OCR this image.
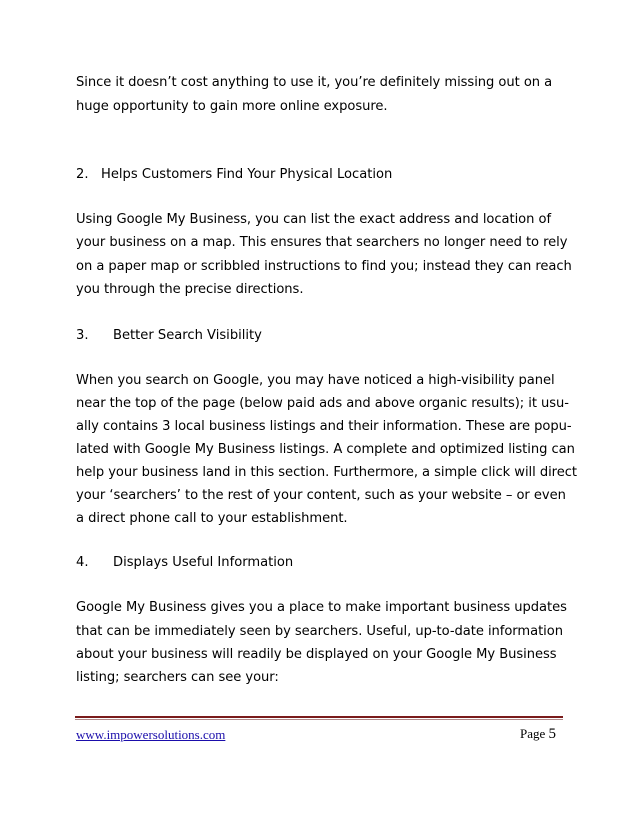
Since it doesn’t cost anything to use it, you’re definitely missing out on a

huge opportunity to gain more online exposure.

2. Helps Customers Find Your Physical Location

Using Google My Business, you can list the exact address and location of

your business on a map. This ensures that searchers no longer need to rely

on a paper map or scribbled instructions to find you; instead they can reach

you through the precise directions.

3. Better Search Visibility

When you search on Google, you may have noticed a high-visibility panel

near the top of the page (below paid ads and above organic results); it usu-

ally contains 3 local business listings and their information. These are popu-

lated with Google My Business listings. A complete and optimized listing can

help your business land in this section. Furthermore, a simple click will direct

your ‘searchers’ to the rest of your content, such as your website – or even

a direct phone call to your establishment.

4. Displays Useful Information

Google My Business gives you a place to make important business updates

that can be immediately seen by searchers. Useful, up-to-date information

about your business will readily be displayed on your Google My Business

listing; searchers can see your:

www.impowersolutions.com	Page 5
